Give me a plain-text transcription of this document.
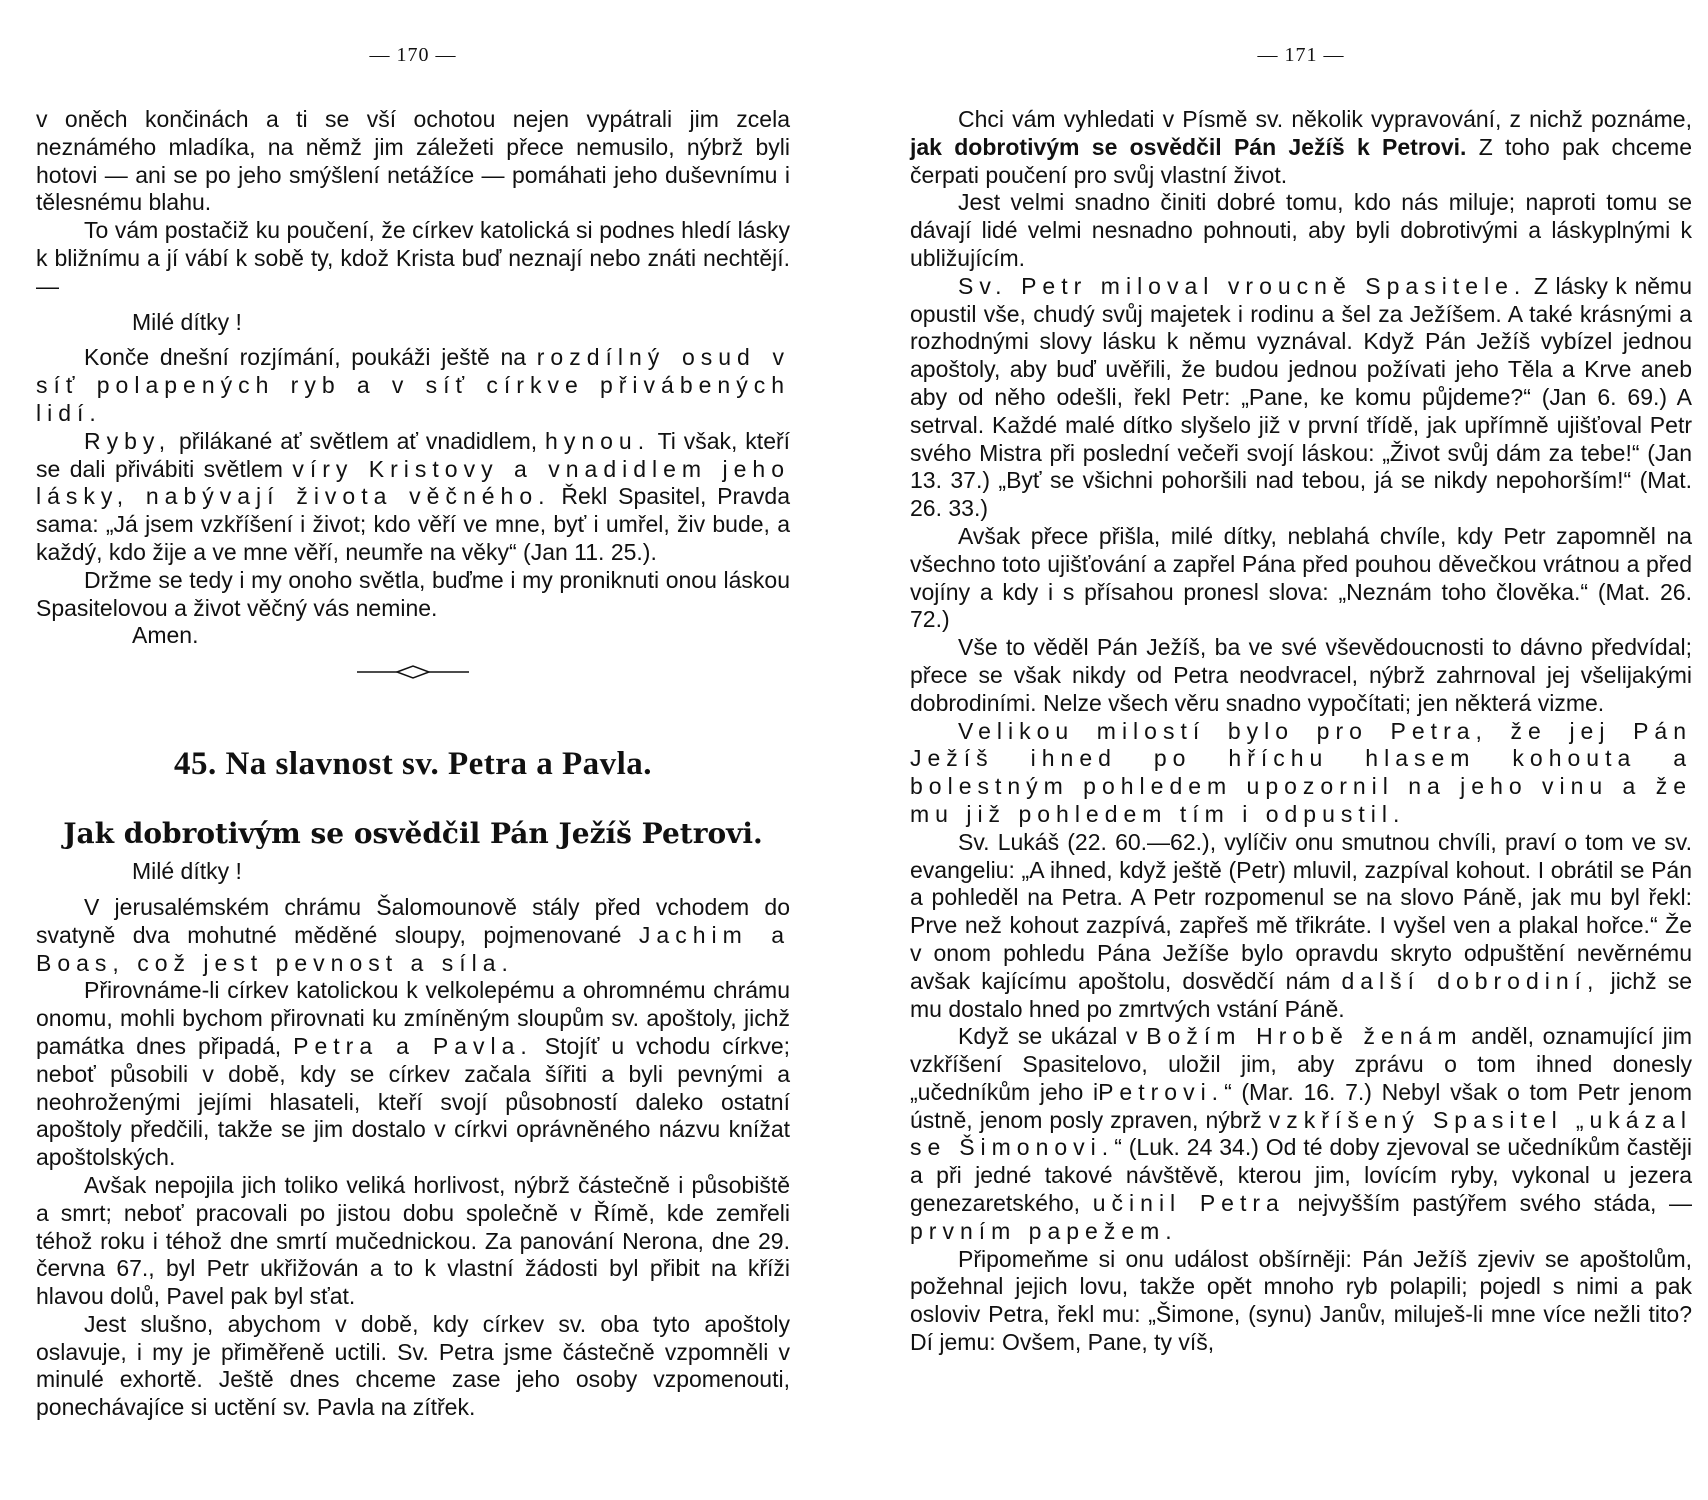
— 170 —

v oněch končinách a ti se vší ochotou nejen vypátrali jim zcela neznámého mladíka, na němž jim záležeti přece nemusilo, nýbrž byli hotovi — ani se po jeho smýšlení netážíce — pomáhati jeho duševnímu i tělesnému blahu.

To vám postačiž ku poučení, že církev katolická si podnes hledí lásky k bližnímu a jí vábí k sobě ty, kdož Krista buď neznají nebo znáti nechtějí. —

Milé dítky !

Konče dnešní rozjímání, poukáži ještě na rozdílný osud v síť polapených ryb a v síť církve přivábených lidí.

Ryby, přilákané ať světlem ať vnadidlem, hynou. Ti však, kteří se dali přivábiti světlem víry Kristovy a vnadidlem jeho lásky, nabývají života věčného. Řekl Spasitel, Pravda sama: „Já jsem vzkříšení i život; kdo věří ve mne, byť i umřel, živ bude, a každý, kdo žije a ve mne věří, neumře na věky“ (Jan 11. 25.).

Držme se tedy i my onoho světla, buďme i my proniknuti onou láskou Spasitelovou a život věčný vás nemine.

Amen.

45. Na slavnost sv. Petra a Pavla.
Jak dobrotivým se osvědčil Pán Ježíš Petrovi.

Milé dítky !

V jerusalémském chrámu Šalomounově stály před vchodem do svatyně dva mohutné měděné sloupy, pojmenované Jachim a Boas, což jest pevnost a síla.

Přirovnáme-li církev katolickou k velkolepému a ohromnému chrámu onomu, mohli bychom přirovnati ku zmíněným sloupům sv. apoštoly, jichž památka dnes připadá, Petra a Pavla. Stojíť u vchodu církve; neboť působili v době, kdy se církev začala šířiti a byli pevnými a neohroženými jejími hlasateli, kteří svojí působností daleko ostatní apoštoly předčili, takže se jim dostalo v církvi oprávněného názvu knížat apoštolských.

Avšak nepojila jich toliko veliká horlivost, nýbrž částečně i působiště a smrt; neboť pracovali po jistou dobu společně v Římě, kde zemřeli téhož roku i téhož dne smrtí mučednickou. Za panování Nerona, dne 29. června 67., byl Petr ukřižován a to k vlastní žádosti byl přibit na kříži hlavou dolů, Pavel pak byl sťat.

Jest slušno, abychom v době, kdy církev sv. oba tyto apoštoly oslavuje, i my je přiměřeně uctili. Sv. Petra jsme částečně vzpomněli v minulé exhortě. Ještě dnes chceme zase jeho osoby vzpomenouti, ponechávajíce si uctění sv. Pavla na zítřek.

— 171 —

Chci vám vyhledati v Písmě sv. několik vypravování, z nichž poznáme, jak dobrotivým se osvědčil Pán Ježíš k Petrovi. Z toho pak chceme čerpati poučení pro svůj vlastní život.

Jest velmi snadno činiti dobré tomu, kdo nás miluje; naproti tomu se dávají lidé velmi nesnadno pohnouti, aby byli dobrotivými a láskyplnými k ubližujícím.

Sv. Petr miloval vroucně Spasitele. Z lásky k němu opustil vše, chudý svůj majetek i rodinu a šel za Ježíšem. A také krásnými a rozhodnými slovy lásku k němu vyznával. Když Pán Ježíš vybízel jednou apoštoly, aby buď uvěřili, že budou jednou požívati jeho Těla a Krve aneb aby od něho odešli, řekl Petr: „Pane, ke komu půjdeme?“ (Jan 6. 69.) A setrval. Každé malé dítko slyšelo již v první třídě, jak upřímně ujišťoval Petr svého Mistra při poslední večeři svojí láskou: „Život svůj dám za tebe!“ (Jan 13. 37.) „Byť se všichni pohoršili nad tebou, já se nikdy nepohorším!“ (Mat. 26. 33.)

Avšak přece přišla, milé dítky, neblahá chvíle, kdy Petr zapomněl na všechno toto ujišťování a zapřel Pána před pouhou děvečkou vrátnou a před vojíny a kdy i s přísahou pronesl slova: „Neznám toho člověka.“ (Mat. 26. 72.)

Vše to věděl Pán Ježíš, ba ve své vševědoucnosti to dávno předvídal; přece se však nikdy od Petra neodvracel, nýbrž zahrnoval jej všelijakými dobrodiními. Nelze všech věru snadno vypočítati; jen některá vizme.

Velikou milostí bylo pro Petra, že jej Pán Ježíš ihned po hříchu hlasem kohouta a bolestným pohledem upozornil na jeho vinu a že mu již pohledem tím i odpustil.

Sv. Lukáš (22. 60.—62.), vylíčiv onu smutnou chvíli, praví o tom ve sv. evangeliu: „A ihned, když ještě (Petr) mluvil, zazpíval kohout. I obrátil se Pán a pohleděl na Petra. A Petr rozpomenul se na slovo Páně, jak mu byl řekl: Prve než kohout zazpívá, zapřeš mě třikráte. I vyšel ven a plakal hořce.“ Že v onom pohledu Pána Ježíše bylo opravdu skryto odpuštění nevěrnému avšak kajícímu apoštolu, dosvědčí nám další dobrodiní, jichž se mu dostalo hned po zmrtvých vstání Páně.

Když se ukázal v Božím Hrobě ženám anděl, oznamující jim vzkříšení Spasitelovo, uložil jim, aby zprávu o tom ihned donesly „učedníkům jeho iPetrovi.“ (Mar. 16. 7.) Nebyl však o tom Petr jenom ústně, jenom posly zpraven, nýbrž vzkříšený Spasitel „ukázal se Šimonovi.“ (Luk. 24 34.) Od té doby zjevoval se učedníkům častěji a při jedné takové návštěvě, kterou jim, lovícím ryby, vykonal u jezera genezaretského, učinil Petra nejvyšším pastýřem svého stáda, — prvním papežem.

Připomeňme si onu událost obšírněji: Pán Ježíš zjeviv se apoštolům, požehnal jejich lovu, takže opět mnoho ryb polapili; pojedl s nimi a pak osloviv Petra, řekl mu: „Šimone, (synu) Janův, miluješ-li mne více nežli tito? Dí jemu: Ovšem, Pane, ty víš,
